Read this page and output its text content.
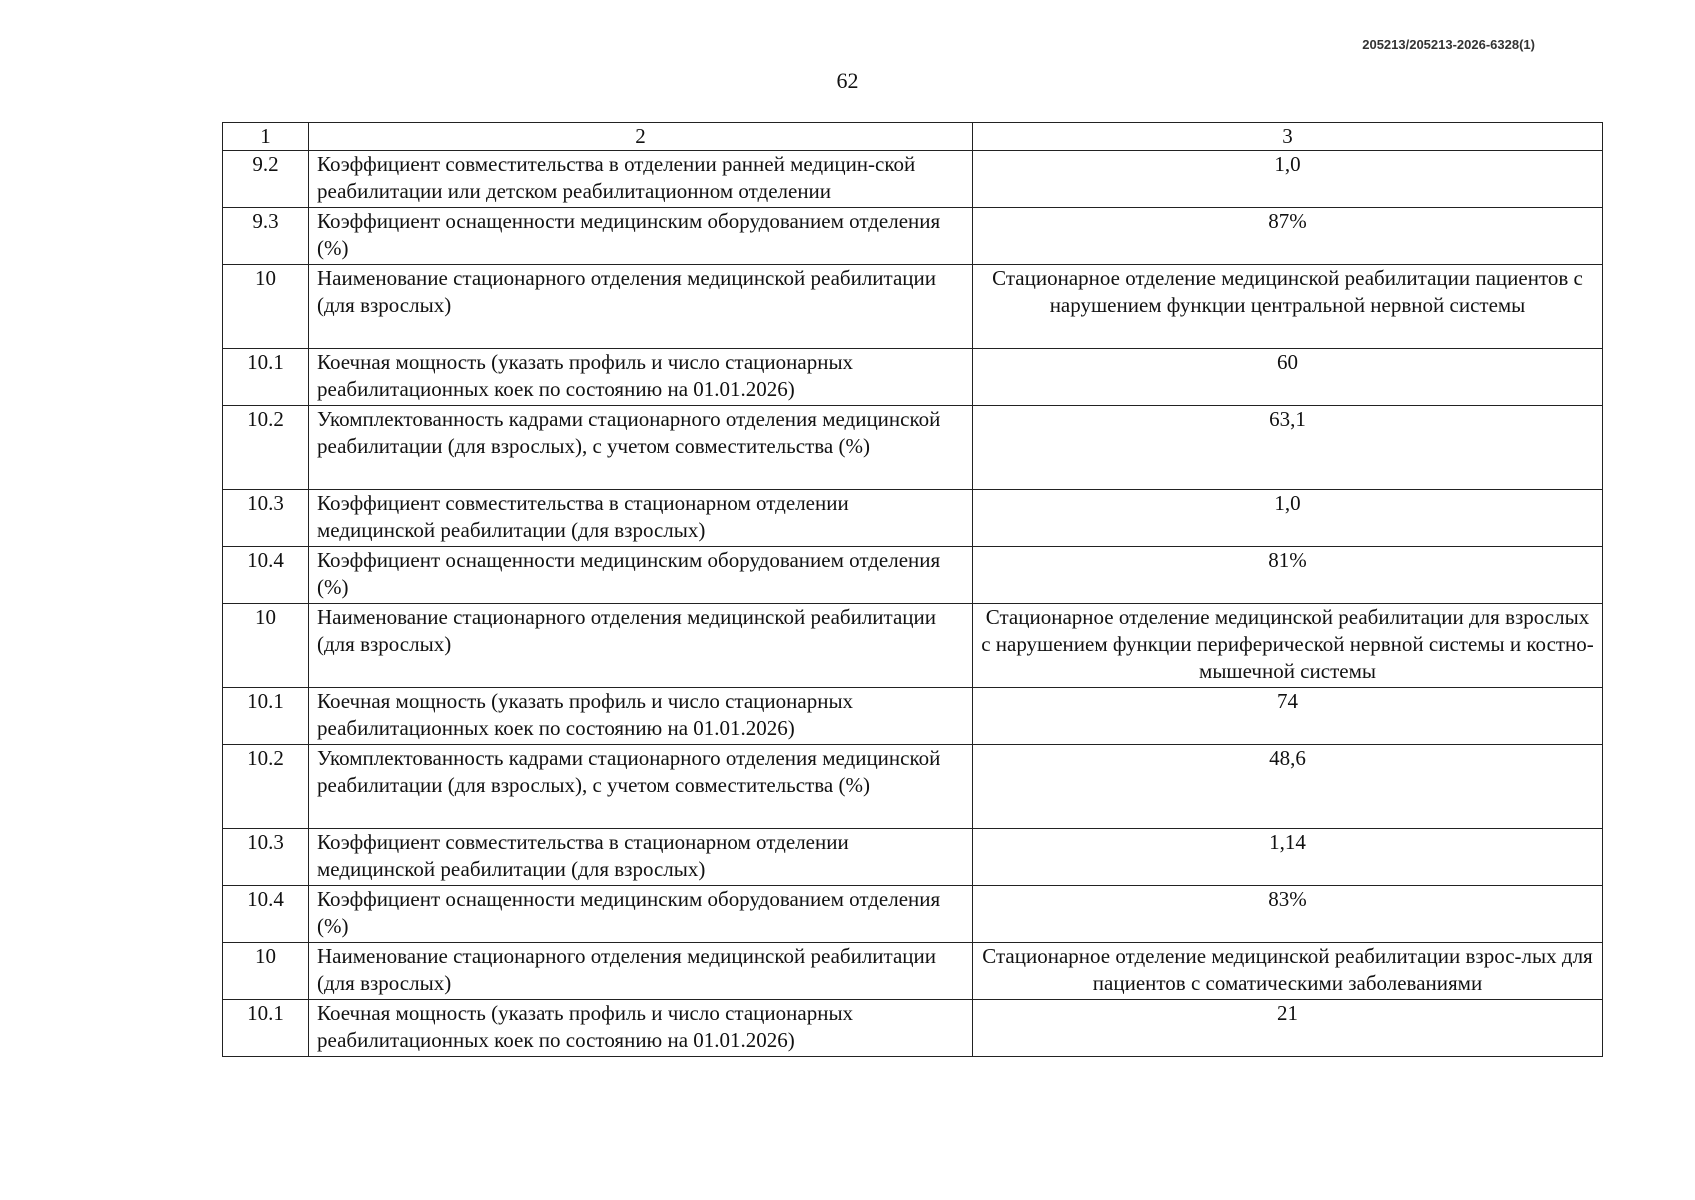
205213/205213-2026-6328(1)
62
1	2	3
9.2	Коэффициент совместительства в отделении ранней медицин-ской реабилитации или детском реабилитационном отделении	1,0
9.3	Коэффициент оснащенности медицинским оборудованием отделения (%)	87%
10	Наименование стационарного отделения медицинской реабилитации (для взрослых)	Стационарное отделение медицинской реабилитации пациентов с нарушением функции центральной нервной системы
10.1	Коечная мощность (указать профиль и число стационарных реабилитационных коек по состоянию на 01.01.2026)	60
10.2	Укомплектованность кадрами стационарного отделения медицинской реабилитации (для взрослых), с учетом совместительства (%)	63,1
10.3	Коэффициент совместительства в стационарном отделении медицинской реабилитации (для взрослых)	1,0
10.4	Коэффициент оснащенности медицинским оборудованием отделения (%)	81%
10	Наименование стационарного отделения медицинской реабилитации (для взрослых)	Стационарное отделение медицинской реабилитации для взрослых с нарушением функции периферической нервной системы и костно-мышечной системы
10.1	Коечная мощность (указать профиль и число стационарных реабилитационных коек по состоянию на 01.01.2026)	74
10.2	Укомплектованность кадрами стационарного отделения медицинской реабилитации (для взрослых), с учетом совместительства (%)	48,6
10.3	Коэффициент совместительства в стационарном отделении медицинской реабилитации (для взрослых)	1,14
10.4	Коэффициент оснащенности медицинским оборудованием отделения (%)	83%
10	Наименование стационарного отделения медицинской реабилитации (для взрослых)	Стационарное отделение медицинской реабилитации взрос-лых для пациентов с соматическими заболеваниями
10.1	Коечная мощность (указать профиль и число стационарных реабилитационных коек по состоянию на 01.01.2026)	21
